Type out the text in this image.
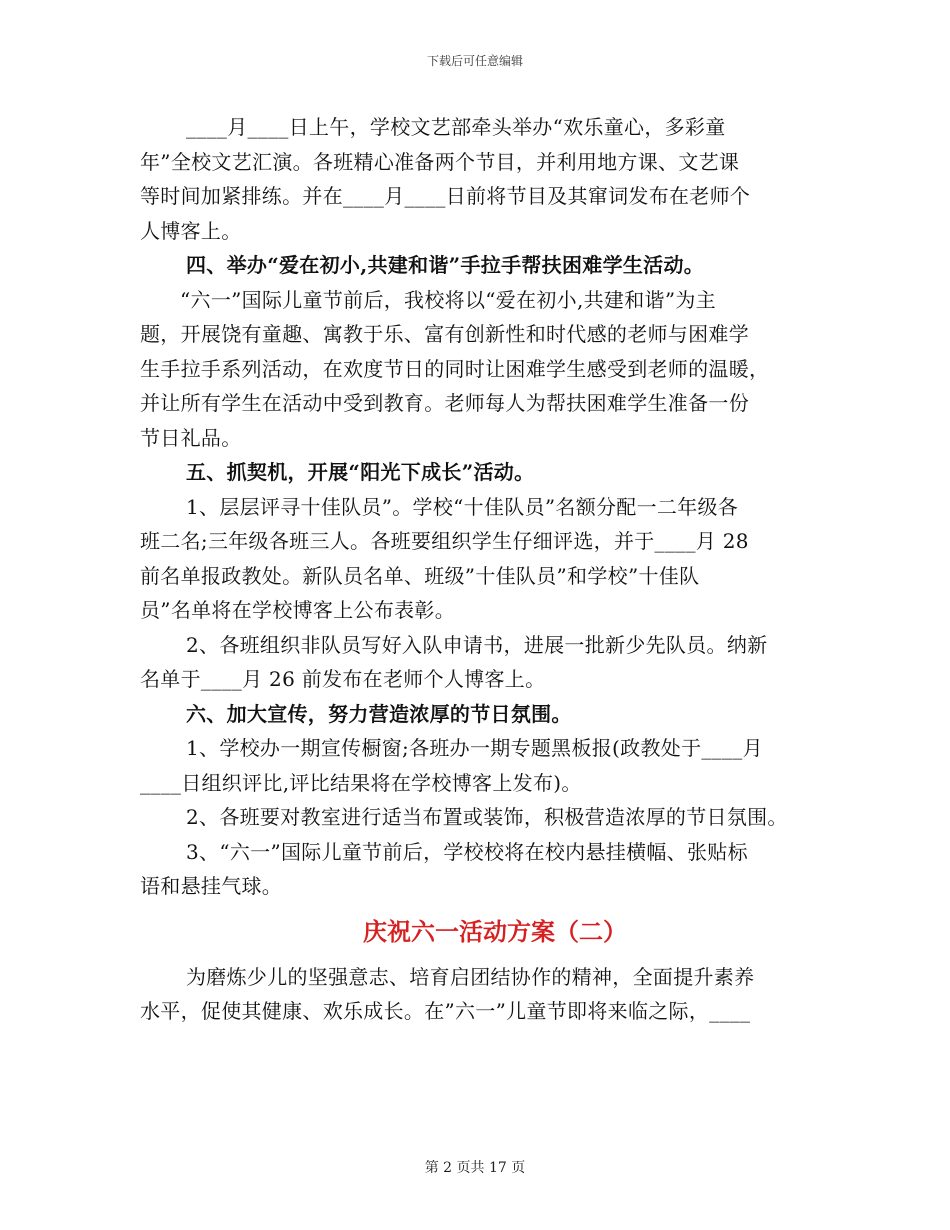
下载后可任意编辑
____月____日上午，学校文艺部牵头举办“欢乐童心，多彩童
年”全校文艺汇演。各班精心准备两个节目，并利用地方课、文艺课
等时间加紧排练。并在____月____日前将节目及其窜词发布在老师个
人博客上。
四、举办“爱在初小,共建和谐”手拉手帮扶困难学生活动。
“六一”国际儿童节前后，我校将以“爱在初小,共建和谐”为主
题，开展饶有童趣、寓教于乐、富有创新性和时代感的老师与困难学
生手拉手系列活动，在欢度节日的同时让困难学生感受到老师的温暖，
并让所有学生在活动中受到教育。老师每人为帮扶困难学生准备一份
节日礼品。
五、抓契机，开展“阳光下成长”活动。
1、层层评寻十佳队员”。学校“十佳队员”名额分配一二年级各
班二名;三年级各班三人。各班要组织学生仔细评选，并于____月 28
前名单报政教处。新队员名单、班级”十佳队员”和学校”十佳队
员”名单将在学校博客上公布表彰。
2、各班组织非队员写好入队申请书，进展一批新少先队员。纳新
名单于____月 26 前发布在老师个人博客上。
六、加大宣传，努力营造浓厚的节日氛围。
1、学校办一期宣传橱窗;各班办一期专题黑板报(政教处于____月
____日组织评比,评比结果将在学校博客上发布)。
2、各班要对教室进行适当布置或装饰，积极营造浓厚的节日氛围。
3、“六一”国际儿童节前后，学校校将在校内悬挂横幅、张贴标
语和悬挂气球。
庆祝六一活动方案（二）
为磨炼少儿的坚强意志、培育启团结协作的精神，全面提升素养
水平，促使其健康、欢乐成长。在”六一”儿童节即将来临之际，____
第 2 页共 17 页
